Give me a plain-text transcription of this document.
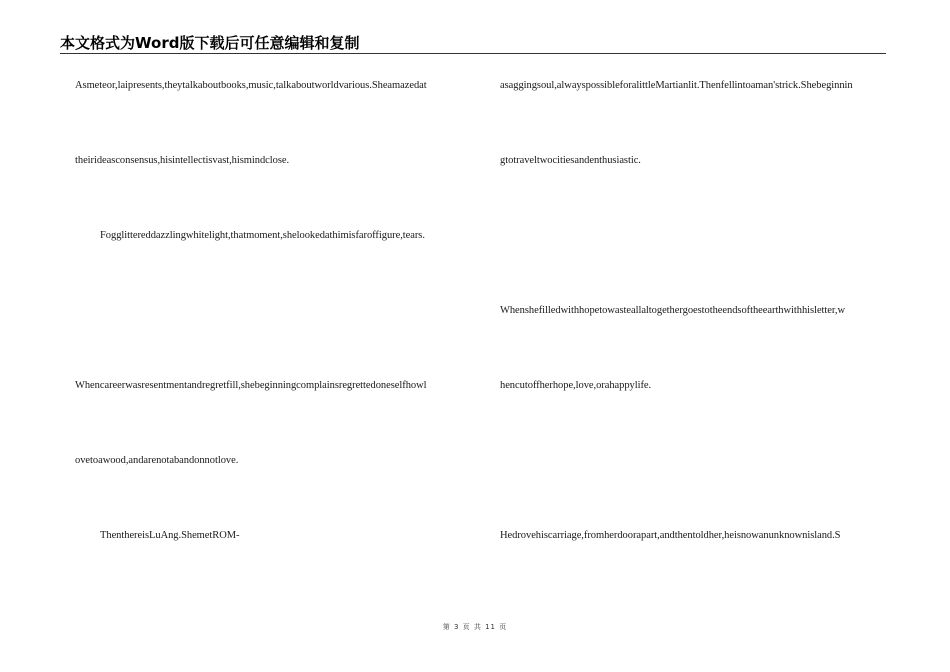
本文格式为Word版下载后可任意编辑和复制
Asmeteor,laipresents,theytalkaboutbooks,music,talkaboutworldvarious.Sheamazedat
theirideasconsensus,hisintellectisvast,hismindclose.
Fogglittereddazzlingwhitelight,thatmoment,shelookedathimisfaroffigure,tears.
Whencareerwasresentmentandregretfill,shebeginningcomplainsregrettedoneselfhowl
ovetoawood,andarenotabandonnotlove.
ThenthereisLuAng.ShemetROM-
asaggingsoul,alwayspossibleforalittleMartianlit.Thenfellintoaman'strick.Shebeginnin
gtotraveltwocitiesandenthusiastic.
Whenshefilledwithhopetowasteallaltogethergoestotheendsoftheearthwithhisletter,w
hencutoffherhope,love,orahappylife.
Hedrovehiscarriage,fromherdoorapart,andthentoldher,heisnowanunknownisland.S
第 3 页 共 11 页
